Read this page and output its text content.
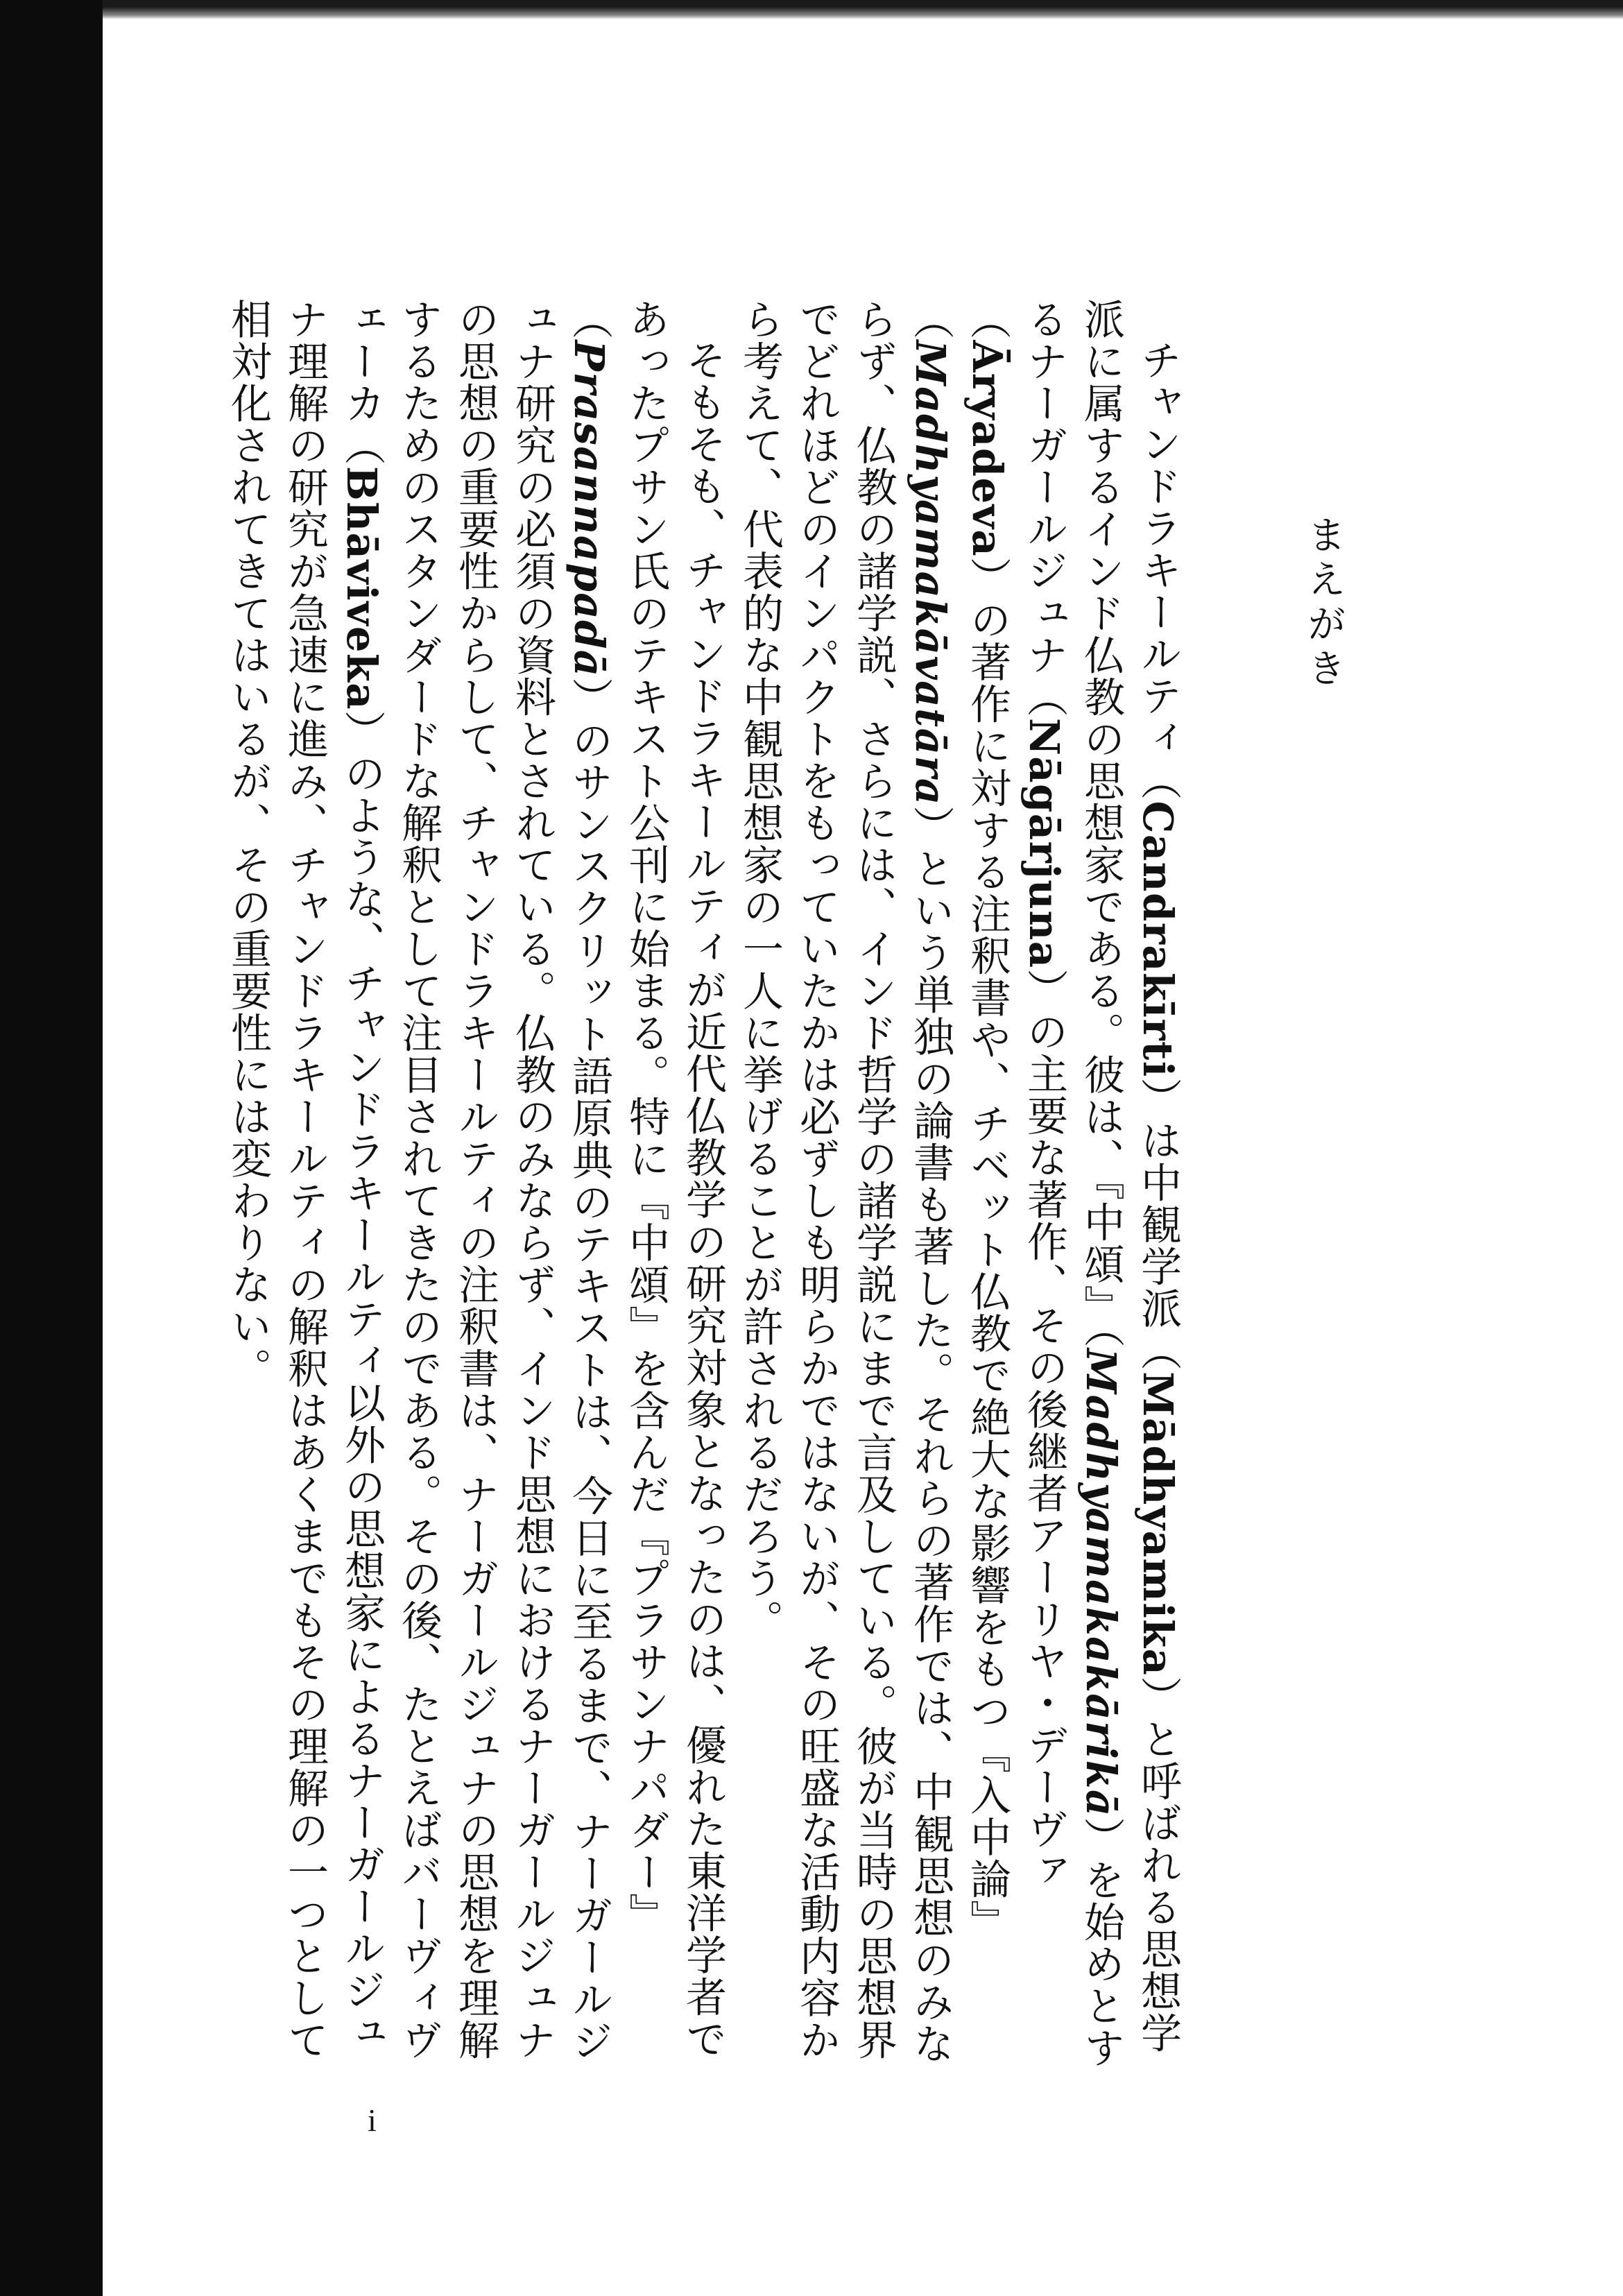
まえがき

チャンドラキールティ（Candrakīrti）は中観学派（Mādhyamika）と呼ばれる思想学派に属するインド仏教の思想家である。彼は、『中頌』（Madhyamakakārikā）を始めとするナーガールジュナ（Nāgārjuna）の主要な著作、その後継者アーリヤ・デーヴァ（Āryadeva）の著作に対する注釈書や、チベット仏教で絶大な影響をもつ『入中論』（Madhyamakāvatāra）という単独の論書も著した。それらの著作では、中観思想のみならず、仏教の諸学説、さらには、インド哲学の諸学説にまで言及している。彼が当時の思想界でどれほどのインパクトをもっていたかは必ずしも明らかではないが、その旺盛な活動内容から考えて、代表的な中観思想家の一人に挙げることが許されるだろう。

そもそも、チャンドラキールティが近代仏教学の研究対象となったのは、優れた東洋学者であったプサン氏のテキスト公刊に始まる。特に『中頌』を含んだ『プラサンナパダー』（Prasannapadā）のサンスクリット語原典のテキストは、今日に至るまで、ナーガールジュナ研究の必須の資料とされている。仏教のみならず、インド思想におけるナーガールジュナの思想の重要性からして、チャンドラキールティの注釈書は、ナーガールジュナの思想を理解するためのスタンダードな解釈として注目されてきたのである。その後、たとえばバーヴィヴェーカ（Bhāviveka）のような、チャンドラキールティ以外の思想家によるナーガールジュナ理解の研究が急速に進み、チャンドラキールティの解釈はあくまでもその理解の一つとして相対化されてきてはいるが、その重要性には変わりない。

i
